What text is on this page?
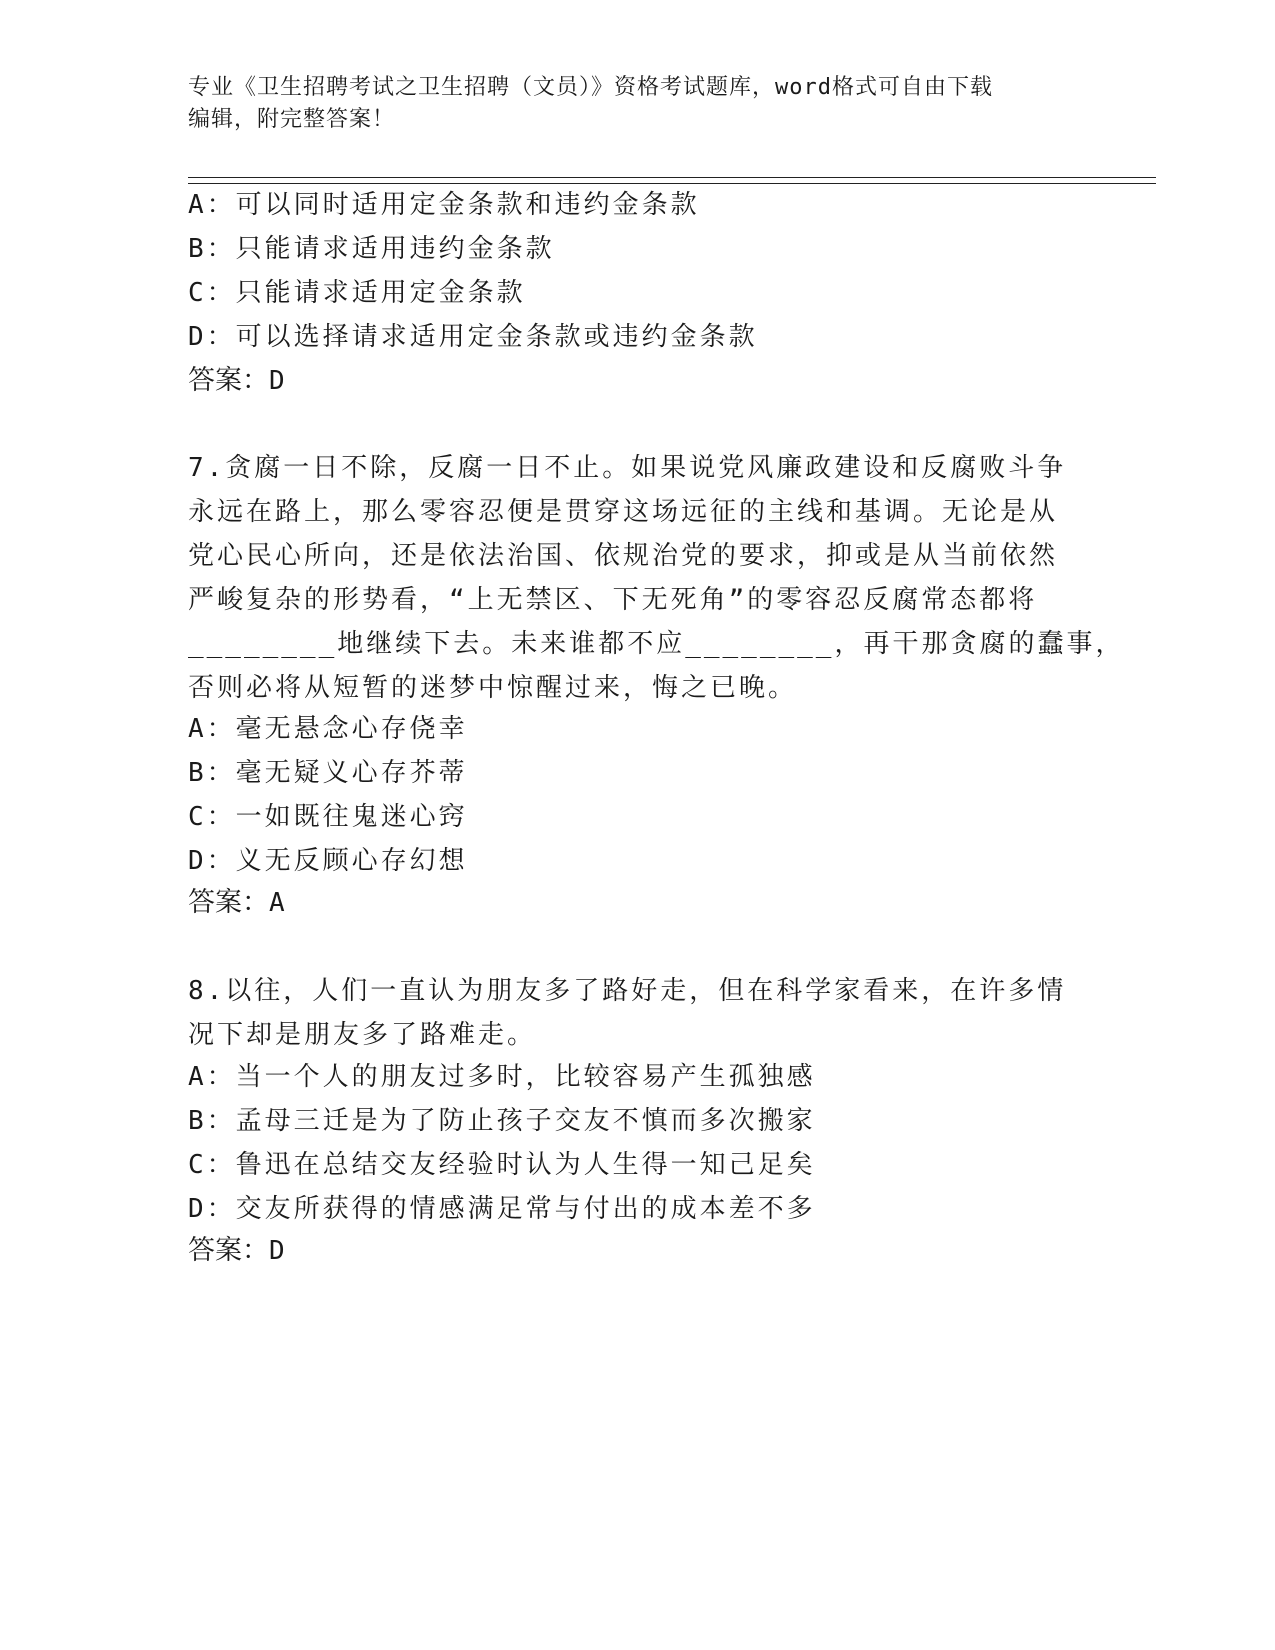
专业《卫生招聘考试之卫生招聘（文员）》资格考试题库，word格式可自由下载
编辑，附完整答案！
A：可以同时适用定金条款和违约金条款
B：只能请求适用违约金条款
C：只能请求适用定金条款
D：可以选择请求适用定金条款或违约金条款
答案：D
7.贪腐一日不除，反腐一日不止。如果说党风廉政建设和反腐败斗争
永远在路上，那么零容忍便是贯穿这场远征的主线和基调。无论是从
党心民心所向，还是依法治国、依规治党的要求，抑或是从当前依然
严峻复杂的形势看，“上无禁区、下无死角”的零容忍反腐常态都将
________地继续下去。未来谁都不应________，再干那贪腐的蠢事，
否则必将从短暂的迷梦中惊醒过来，悔之已晚。
A：毫无悬念心存侥幸
B：毫无疑义心存芥蒂
C：一如既往鬼迷心窍
D：义无反顾心存幻想
答案：A
8.以往，人们一直认为朋友多了路好走，但在科学家看来，在许多情
况下却是朋友多了路难走。
A：当一个人的朋友过多时，比较容易产生孤独感
B：孟母三迁是为了防止孩子交友不慎而多次搬家
C：鲁迅在总结交友经验时认为人生得一知己足矣
D：交友所获得的情感满足常与付出的成本差不多
答案：D
